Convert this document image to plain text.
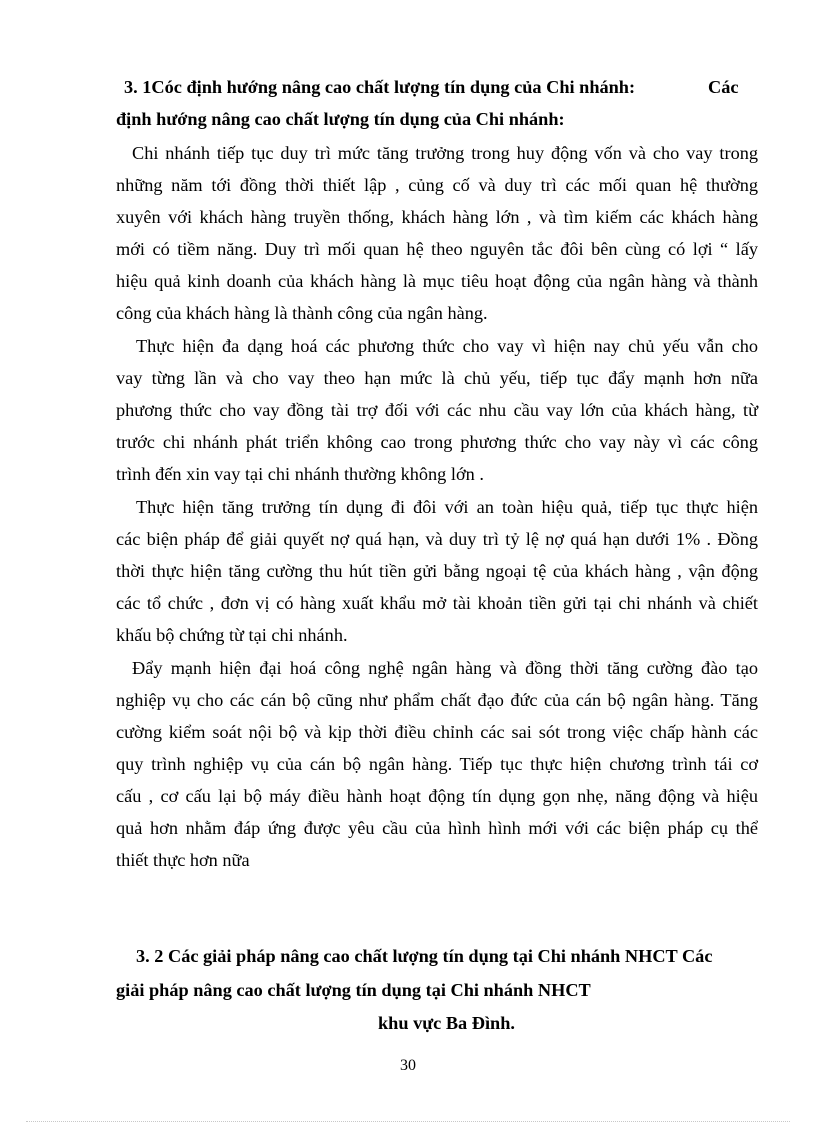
3. 1Cóc định hướng nâng cao chất lượng tín dụng của Chi nhánh:	Các
định hướng nâng cao chất lượng tín dụng của Chi nhánh:
Chi nhánh tiếp tục duy trì mức tăng trưởng trong huy động vốn và cho vay trong
những năm tới đồng thời thiết lập , củng cố và duy trì các mối quan hệ thường
xuyên với khách hàng truyền thống, khách hàng lớn , và tìm kiếm các khách hàng
mới có tiềm năng. Duy trì mối quan hệ theo nguyên tắc đôi bên cùng có lợi “ lấy
hiệu quả kinh doanh của khách hàng là mục tiêu hoạt động của ngân hàng và thành
công của khách hàng là thành công của ngân hàng.
Thực hiện đa dạng hoá các phương thức cho vay vì hiện nay chủ yếu vẫn cho
vay từng lần và cho vay theo hạn mức là chủ yếu, tiếp tục đẩy mạnh hơn nữa
phương thức cho vay đồng tài trợ đối với các nhu cầu vay lớn của khách hàng, từ
trước chi nhánh phát triển không cao trong phương thức cho vay này vì các công
trình đến xin vay tại chi nhánh thường không lớn .
Thực hiện tăng trưởng tín dụng đi đôi với an toàn hiệu quả, tiếp tục thực hiện
các biện pháp để giải quyết nợ quá hạn, và duy trì tỷ lệ nợ quá hạn dưới 1% . Đồng
thời thực hiện tăng cường thu hút tiền gửi bằng ngoại tệ của khách hàng , vận động
các tổ chức , đơn vị có hàng xuất khẩu mở tài khoản tiền gửi tại chi nhánh và chiết
khấu bộ chứng từ tại chi nhánh.
Đẩy mạnh hiện đại hoá công nghệ ngân hàng và đồng thời tăng cường đào tạo
nghiệp vụ cho các cán bộ cũng như phẩm chất đạo đức của cán bộ ngân hàng. Tăng
cường kiểm soát nội bộ và kịp thời điều chỉnh các sai sót trong việc chấp hành các
quy trình nghiệp vụ của cán bộ ngân hàng. Tiếp tục thực hiện chương trình tái cơ
cấu , cơ cấu lại bộ máy điều hành hoạt động tín dụng gọn nhẹ, năng động và hiệu
quả hơn nhằm đáp ứng được yêu cầu của hình hình mới với các biện pháp cụ thể
thiết thực hơn nữa
3. 2 Các giải pháp nâng cao chất lượng tín dụng tại Chi nhánh NHCT Các
giải pháp nâng cao chất lượng tín dụng tại Chi nhánh NHCT
khu vực Ba Đình.
30
